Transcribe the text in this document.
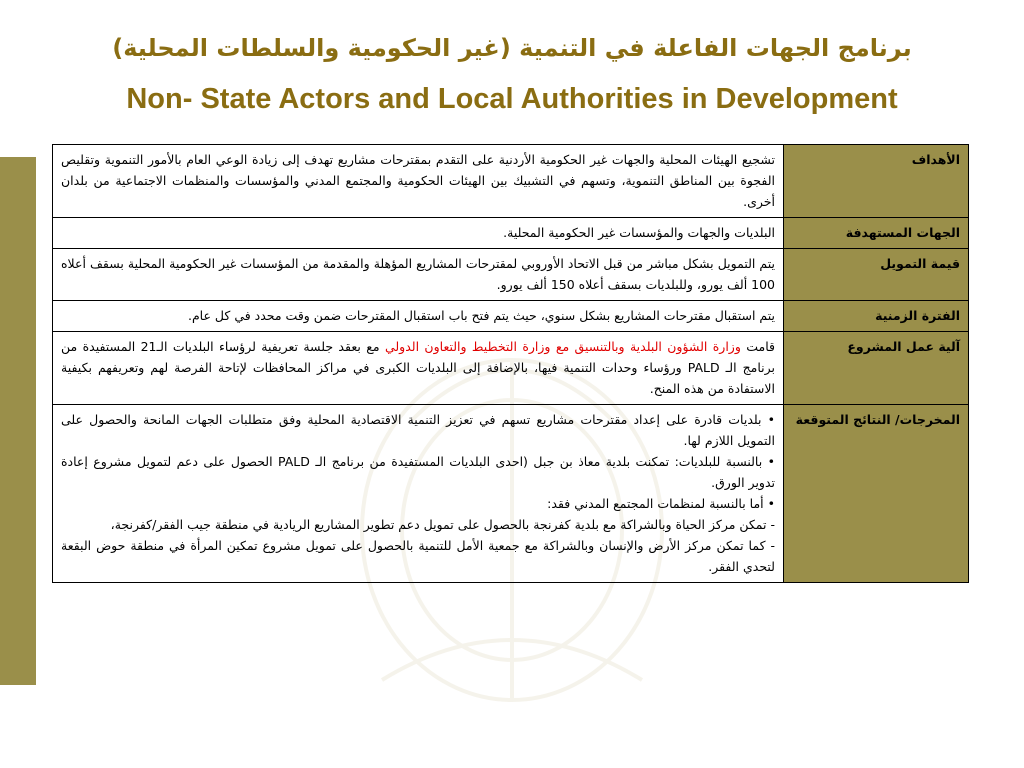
برنامج الجهات الفاعلة في التنمية (غير الحكومية والسلطات المحلية)
Non- State Actors and Local Authorities in Development
الأهداف	تشجيع الهيئات المحلية والجهات غير الحكومية الأردنية على التقدم بمقترحات مشاريع تهدف إلى زيادة الوعي العام بالأمور التنموية وتقليص الفجوة بين المناطق التنموية، وتسهم في التشبيك بين الهيئات الحكومية والمجتمع المدني والمؤسسات والمنظمات الاجتماعية من بلدان أخرى.
الجهات المستهدفة	البلديات والجهات والمؤسسات غير الحكومية المحلية.
قيمة التمويل	يتم التمويل بشكل مباشر من قبل الاتحاد الأوروبي لمقترحات المشاريع المؤهلة والمقدمة من المؤسسات غير الحكومية المحلية بسقف أعلاه 100 ألف يورو، وللبلديات بسقف أعلاه 150 ألف يورو.
الفترة الزمنية	يتم استقبال مقترحات المشاريع بشكل سنوي، حيث يتم فتح باب استقبال المقترحات ضمن وقت محدد في كل عام.
آلية عمل المشروع	قامت وزارة الشؤون البلدية وبالتنسيق مع وزارة التخطيط والتعاون الدولي مع بعقد جلسة تعريفية لرؤساء البلديات الـ21 المستفيدة من برنامج الـ PALD ورؤساء وحدات التنمية فيها، بالإضافة إلى البلديات الكبرى في مراكز المحافظات لإتاحة الفرصة لهم وتعريفهم بكيفية الاستفادة من هذه المنح.
المخرجات/ النتائج المتوقعة	• بلديات قادرة على إعداد مقترحات مشاريع تسهم في تعزيز التنمية الاقتصادية المحلية وفق متطلبات الجهات المانحة والحصول على التمويل اللازم لها.

• بالنسبة للبلديات: تمكنت بلدية معاذ بن جبل (احدى البلديات المستفيدة من برنامج الـ PALD الحصول على دعم لتمويل مشروع إعادة تدوير الورق.

• أما بالنسبة لمنظمات المجتمع المدني فقد:

- تمكن مركز الحياة وبالشراكة مع بلدية كفرنجة بالحصول على تمويل دعم تطوير المشاريع الريادية في منطقة جيب الفقر/كفرنجة،

- كما تمكن مركز الأرض والإنسان وبالشراكة مع جمعية الأمل للتنمية بالحصول على تمويل مشروع تمكين المرأة في منطقة حوض البقعة لتحدي الفقر.
